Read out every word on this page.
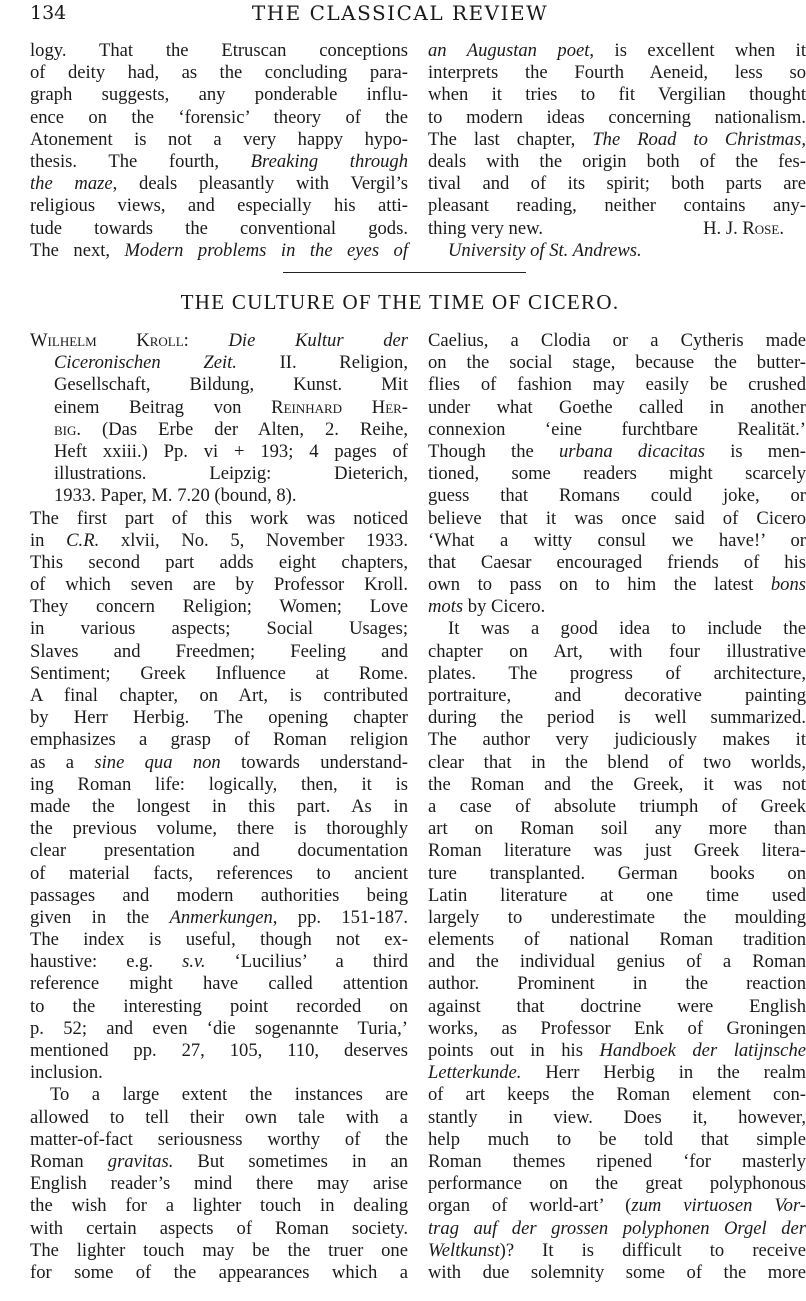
134	THE CLASSICAL REVIEW
logy. That the Etruscan conceptions
of deity had, as the concluding para-
graph suggests, any ponderable influ-
ence on the ‘forensic’ theory of the
Atonement is not a very happy hypo-
thesis. The fourth, Breaking through
the maze, deals pleasantly with Vergil’s
religious views, and especially his atti-
tude towards the conventional gods.
The next, Modern problems in the eyes of
an Augustan poet, is excellent when it
interprets the Fourth Aeneid, less so
when it tries to fit Vergilian thought
to modern ideas concerning nationalism.
The last chapter, The Road to Christmas,
deals with the origin both of the fes-
tival and of its spirit; both parts are
pleasant reading, neither contains any-
thing very new.	H. J. Rose.
University of St. Andrews.
THE CULTURE OF THE TIME OF CICERO.
Wilhelm Kroll: Die Kultur der
Ciceronischen Zeit. II. Religion,
Gesellschaft, Bildung, Kunst. Mit
einem Beitrag von Reinhard Her-
big. (Das Erbe der Alten, 2. Reihe,
Heft xxiii.) Pp. vi + 193; 4 pages of
illustrations. Leipzig: Dieterich,
1933. Paper, M. 7.20 (bound, 8).
The first part of this work was noticed
in C.R. xlvii, No. 5, November 1933.
This second part adds eight chapters,
of which seven are by Professor Kroll.
They concern Religion; Women; Love
in various aspects; Social Usages;
Slaves and Freedmen; Feeling and
Sentiment; Greek Influence at Rome.
A final chapter, on Art, is contributed
by Herr Herbig. The opening chapter
emphasizes a grasp of Roman religion
as a sine qua non towards understand-
ing Roman life: logically, then, it is
made the longest in this part. As in
the previous volume, there is thoroughly
clear presentation and documentation
of material facts, references to ancient
passages and modern authorities being
given in the Anmerkungen, pp. 151-187.
The index is useful, though not ex-
haustive: e.g. s.v. ‘Lucilius’ a third
reference might have called attention
to the interesting point recorded on
p. 52; and even ‘die sogenannte Turia,’
mentioned pp. 27, 105, 110, deserves
inclusion.
To a large extent the instances are
allowed to tell their own tale with a
matter-of-fact seriousness worthy of the
Roman gravitas. But sometimes in an
English reader’s mind there may arise
the wish for a lighter touch in dealing
with certain aspects of Roman society.
The lighter touch may be the truer one
for some of the appearances which a
Caelius, a Clodia or a Cytheris made
on the social stage, because the butter-
flies of fashion may easily be crushed
under what Goethe called in another
connexion ‘eine furchtbare Realität.’
Though the urbana dicacitas is men-
tioned, some readers might scarcely
guess that Romans could joke, or
believe that it was once said of Cicero
‘What a witty consul we have!’ or
that Caesar encouraged friends of his
own to pass on to him the latest bons
mots by Cicero.
It was a good idea to include the
chapter on Art, with four illustrative
plates. The progress of architecture,
portraiture, and decorative painting
during the period is well summarized.
The author very judiciously makes it
clear that in the blend of two worlds,
the Roman and the Greek, it was not
a case of absolute triumph of Greek
art on Roman soil any more than
Roman literature was just Greek litera-
ture transplanted. German books on
Latin literature at one time used
largely to underestimate the moulding
elements of national Roman tradition
and the individual genius of a Roman
author. Prominent in the reaction
against that doctrine were English
works, as Professor Enk of Groningen
points out in his Handboek der latijnsche
Letterkunde. Herr Herbig in the realm
of art keeps the Roman element con-
stantly in view. Does it, however,
help much to be told that simple
Roman themes ripened ‘for masterly
performance on the great polyphonous
organ of world-art’ (zum virtuosen Vor-
trag auf der grossen polyphonen Orgel der
Weltkunst)? It is difficult to receive
with due solemnity some of the more
